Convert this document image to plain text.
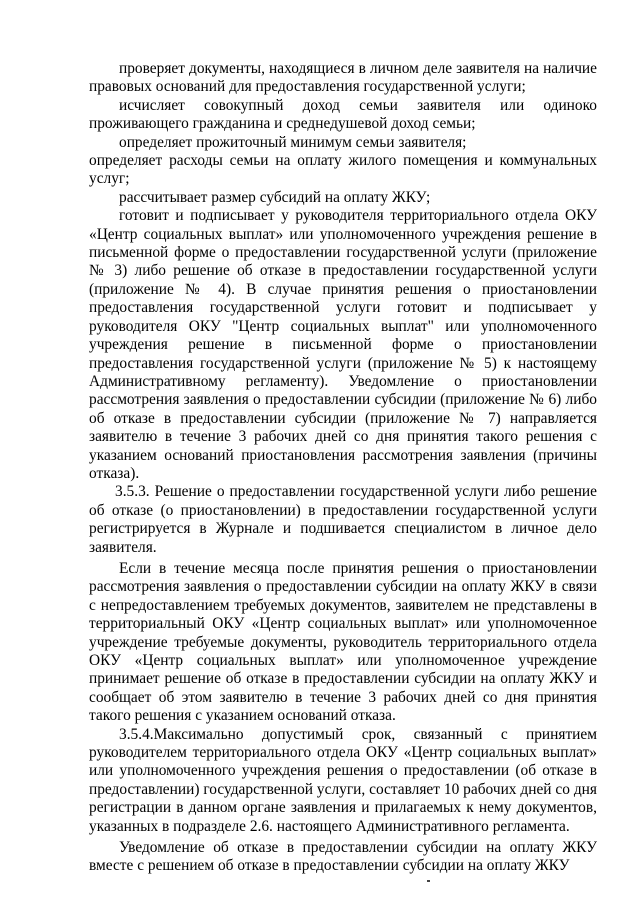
проверяет документы, находящиеся в личном деле заявителя на наличие правовых оснований для предоставления государственной услуги;

исчисляет совокупный доход семьи заявителя или одиноко проживающего гражданина и среднедушевой доход семьи;

определяет прожиточный минимум семьи заявителя;

определяет расходы семьи на оплату жилого помещения и коммунальных услуг;

рассчитывает размер субсидий на оплату ЖКУ;

готовит и подписывает у руководителя территориального отдела ОКУ «Центр социальных выплат» или уполномоченного учреждения решение в письменной форме о предоставлении государственной услуги (приложение № 3) либо решение об отказе в предоставлении государственной услуги (приложение № 4). В случае принятия решения о приостановлении предоставления государственной услуги готовит и подписывает у руководителя ОКУ "Центр социальных выплат" или уполномоченного учреждения решение в письменной форме о приостановлении предоставления государственной услуги (приложение № 5) к настоящему Административному регламенту). Уведомление о приостановлении рассмотрения заявления о предоставлении субсидии (приложение № 6) либо об отказе в предоставлении субсидии (приложение № 7) направляется заявителю в течение 3 рабочих дней со дня принятия такого решения с указанием оснований приостановления рассмотрения заявления (причины отказа).

3.5.3. Решение о предоставлении государственной услуги либо решение об отказе (о приостановлении) в предоставлении государственной услуги регистрируется в Журнале и подшивается специалистом в личное дело заявителя.

Если в течение месяца после принятия решения о приостановлении рассмотрения заявления о предоставлении субсидии на оплату ЖКУ в связи с непредоставлением требуемых документов, заявителем не представлены в территориальный ОКУ «Центр социальных выплат» или уполномоченное учреждение требуемые документы, руководитель территориального отдела ОКУ «Центр социальных выплат» или уполномоченное учреждение принимает решение об отказе в предоставлении субсидии на оплату ЖКУ и сообщает об этом заявителю в течение 3 рабочих дней со дня принятия такого решения с указанием оснований отказа.

3.5.4.Максимально допустимый срок, связанный с принятием руководителем территориального отдела ОКУ «Центр социальных выплат» или уполномоченного учреждения решения о предоставлении (об отказе в предоставлении) государственной услуги, составляет 10 рабочих дней со дня регистрации в данном органе заявления и прилагаемых к нему документов, указанных в подразделе 2.6. настоящего Административного регламента.

Уведомление об отказе в предоставлении субсидии на оплату ЖКУ вместе с решением об отказе в предоставлении субсидии на оплату ЖКУ
